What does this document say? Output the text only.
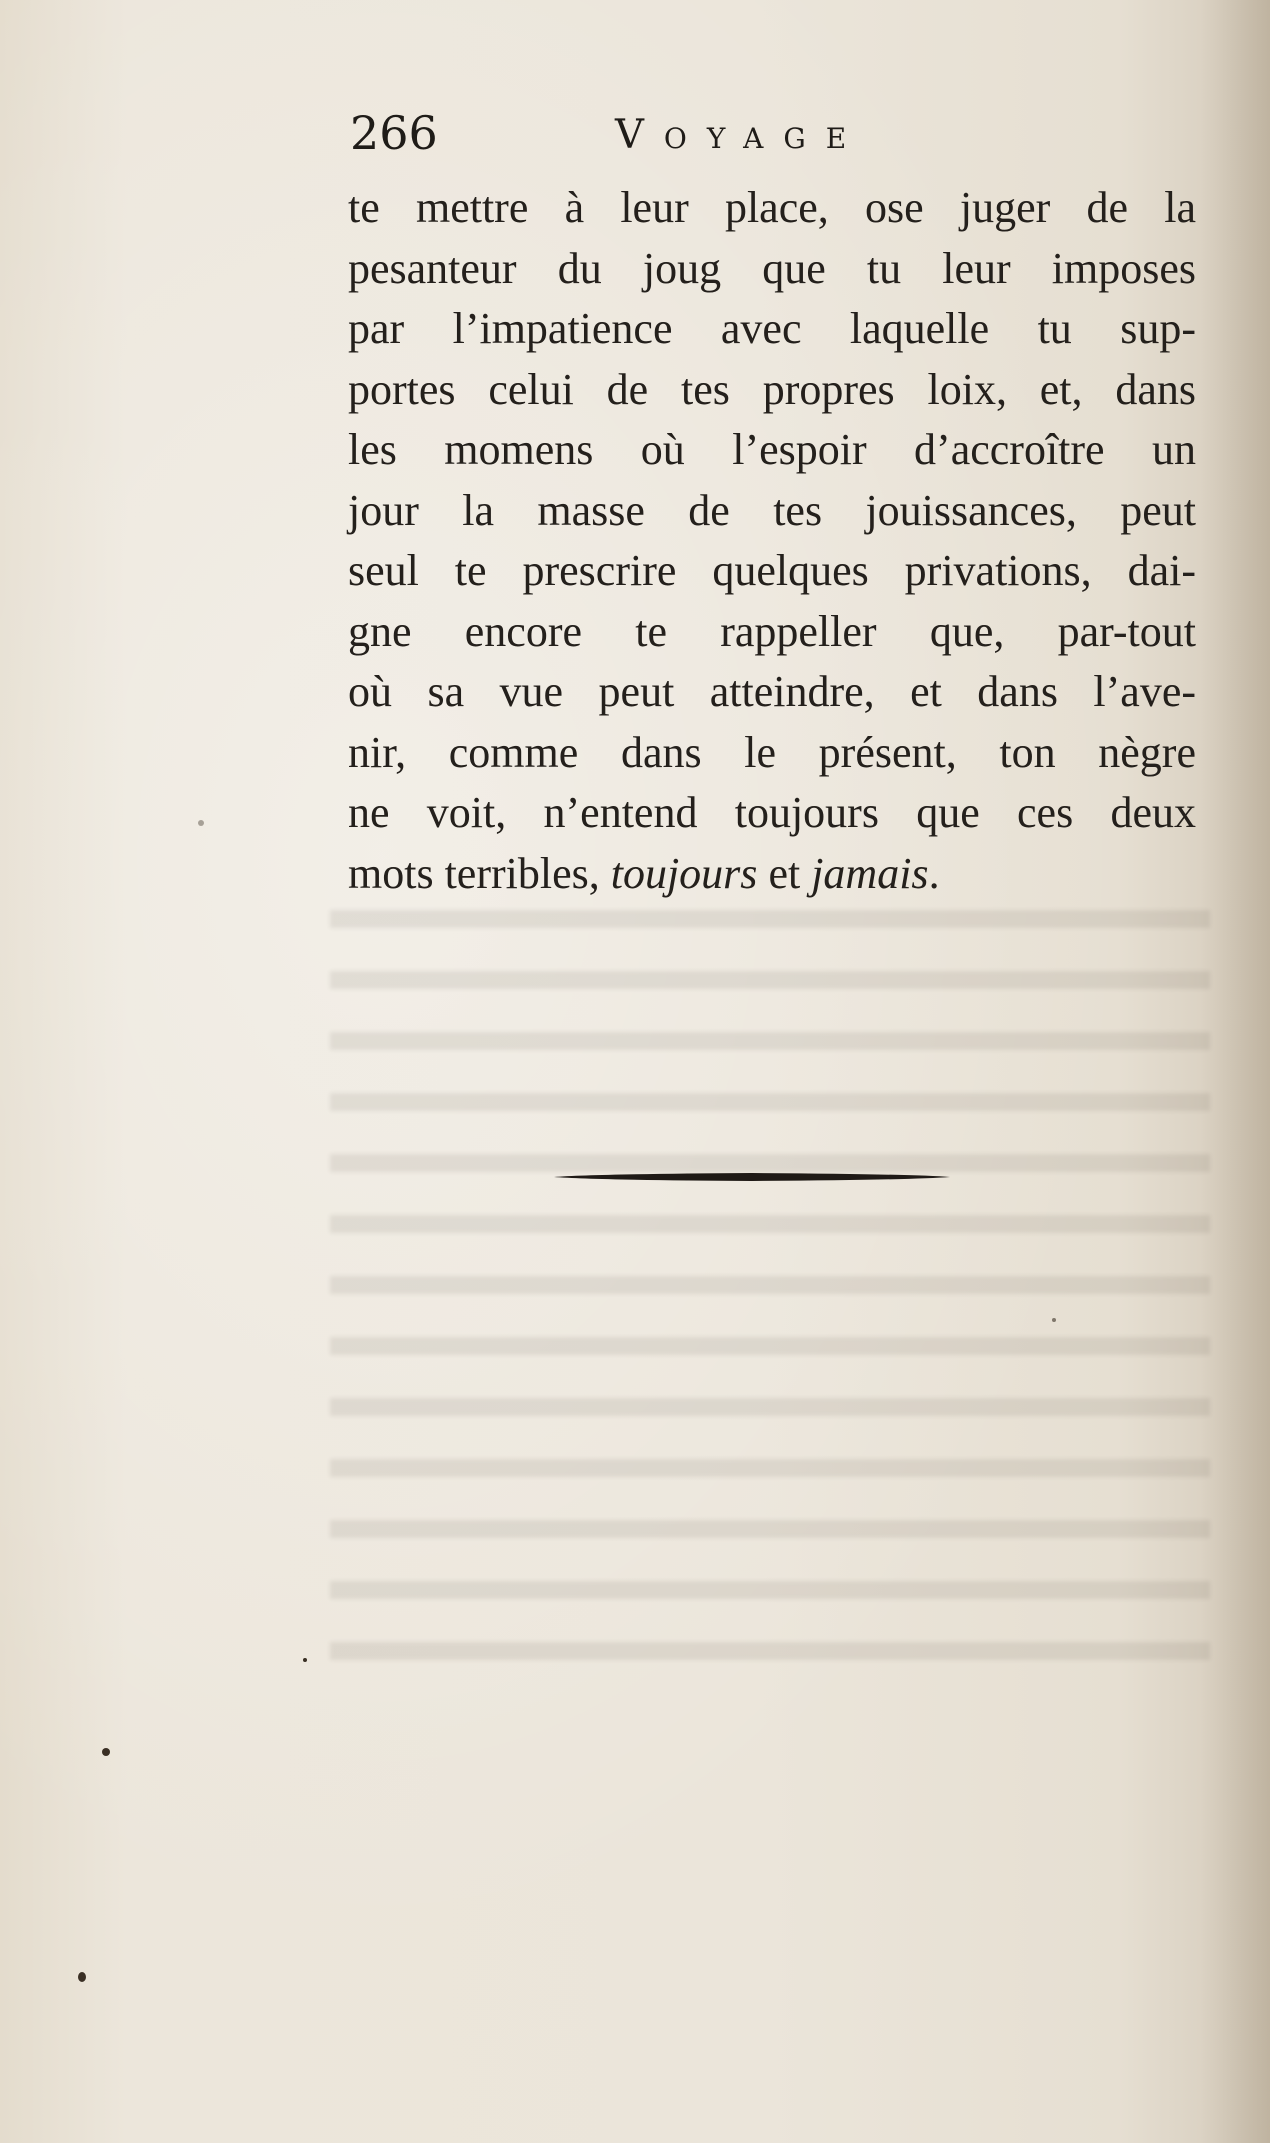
266	Voyage
te mettre à leur place, ose juger de la
pesanteur du joug que tu leur imposes
par l’impatience avec laquelle tu sup-
portes celui de tes propres loix, et, dans
les momens où l’espoir d’accroître un
jour la masse de tes jouissances, peut
seul te prescrire quelques privations, dai-
gne encore te rappeller que, par-tout
où sa vue peut atteindre, et dans l’ave-
nir, comme dans le présent, ton nègre
ne voit, n’entend toujours que ces deux
mots terribles, toujours et jamais.
